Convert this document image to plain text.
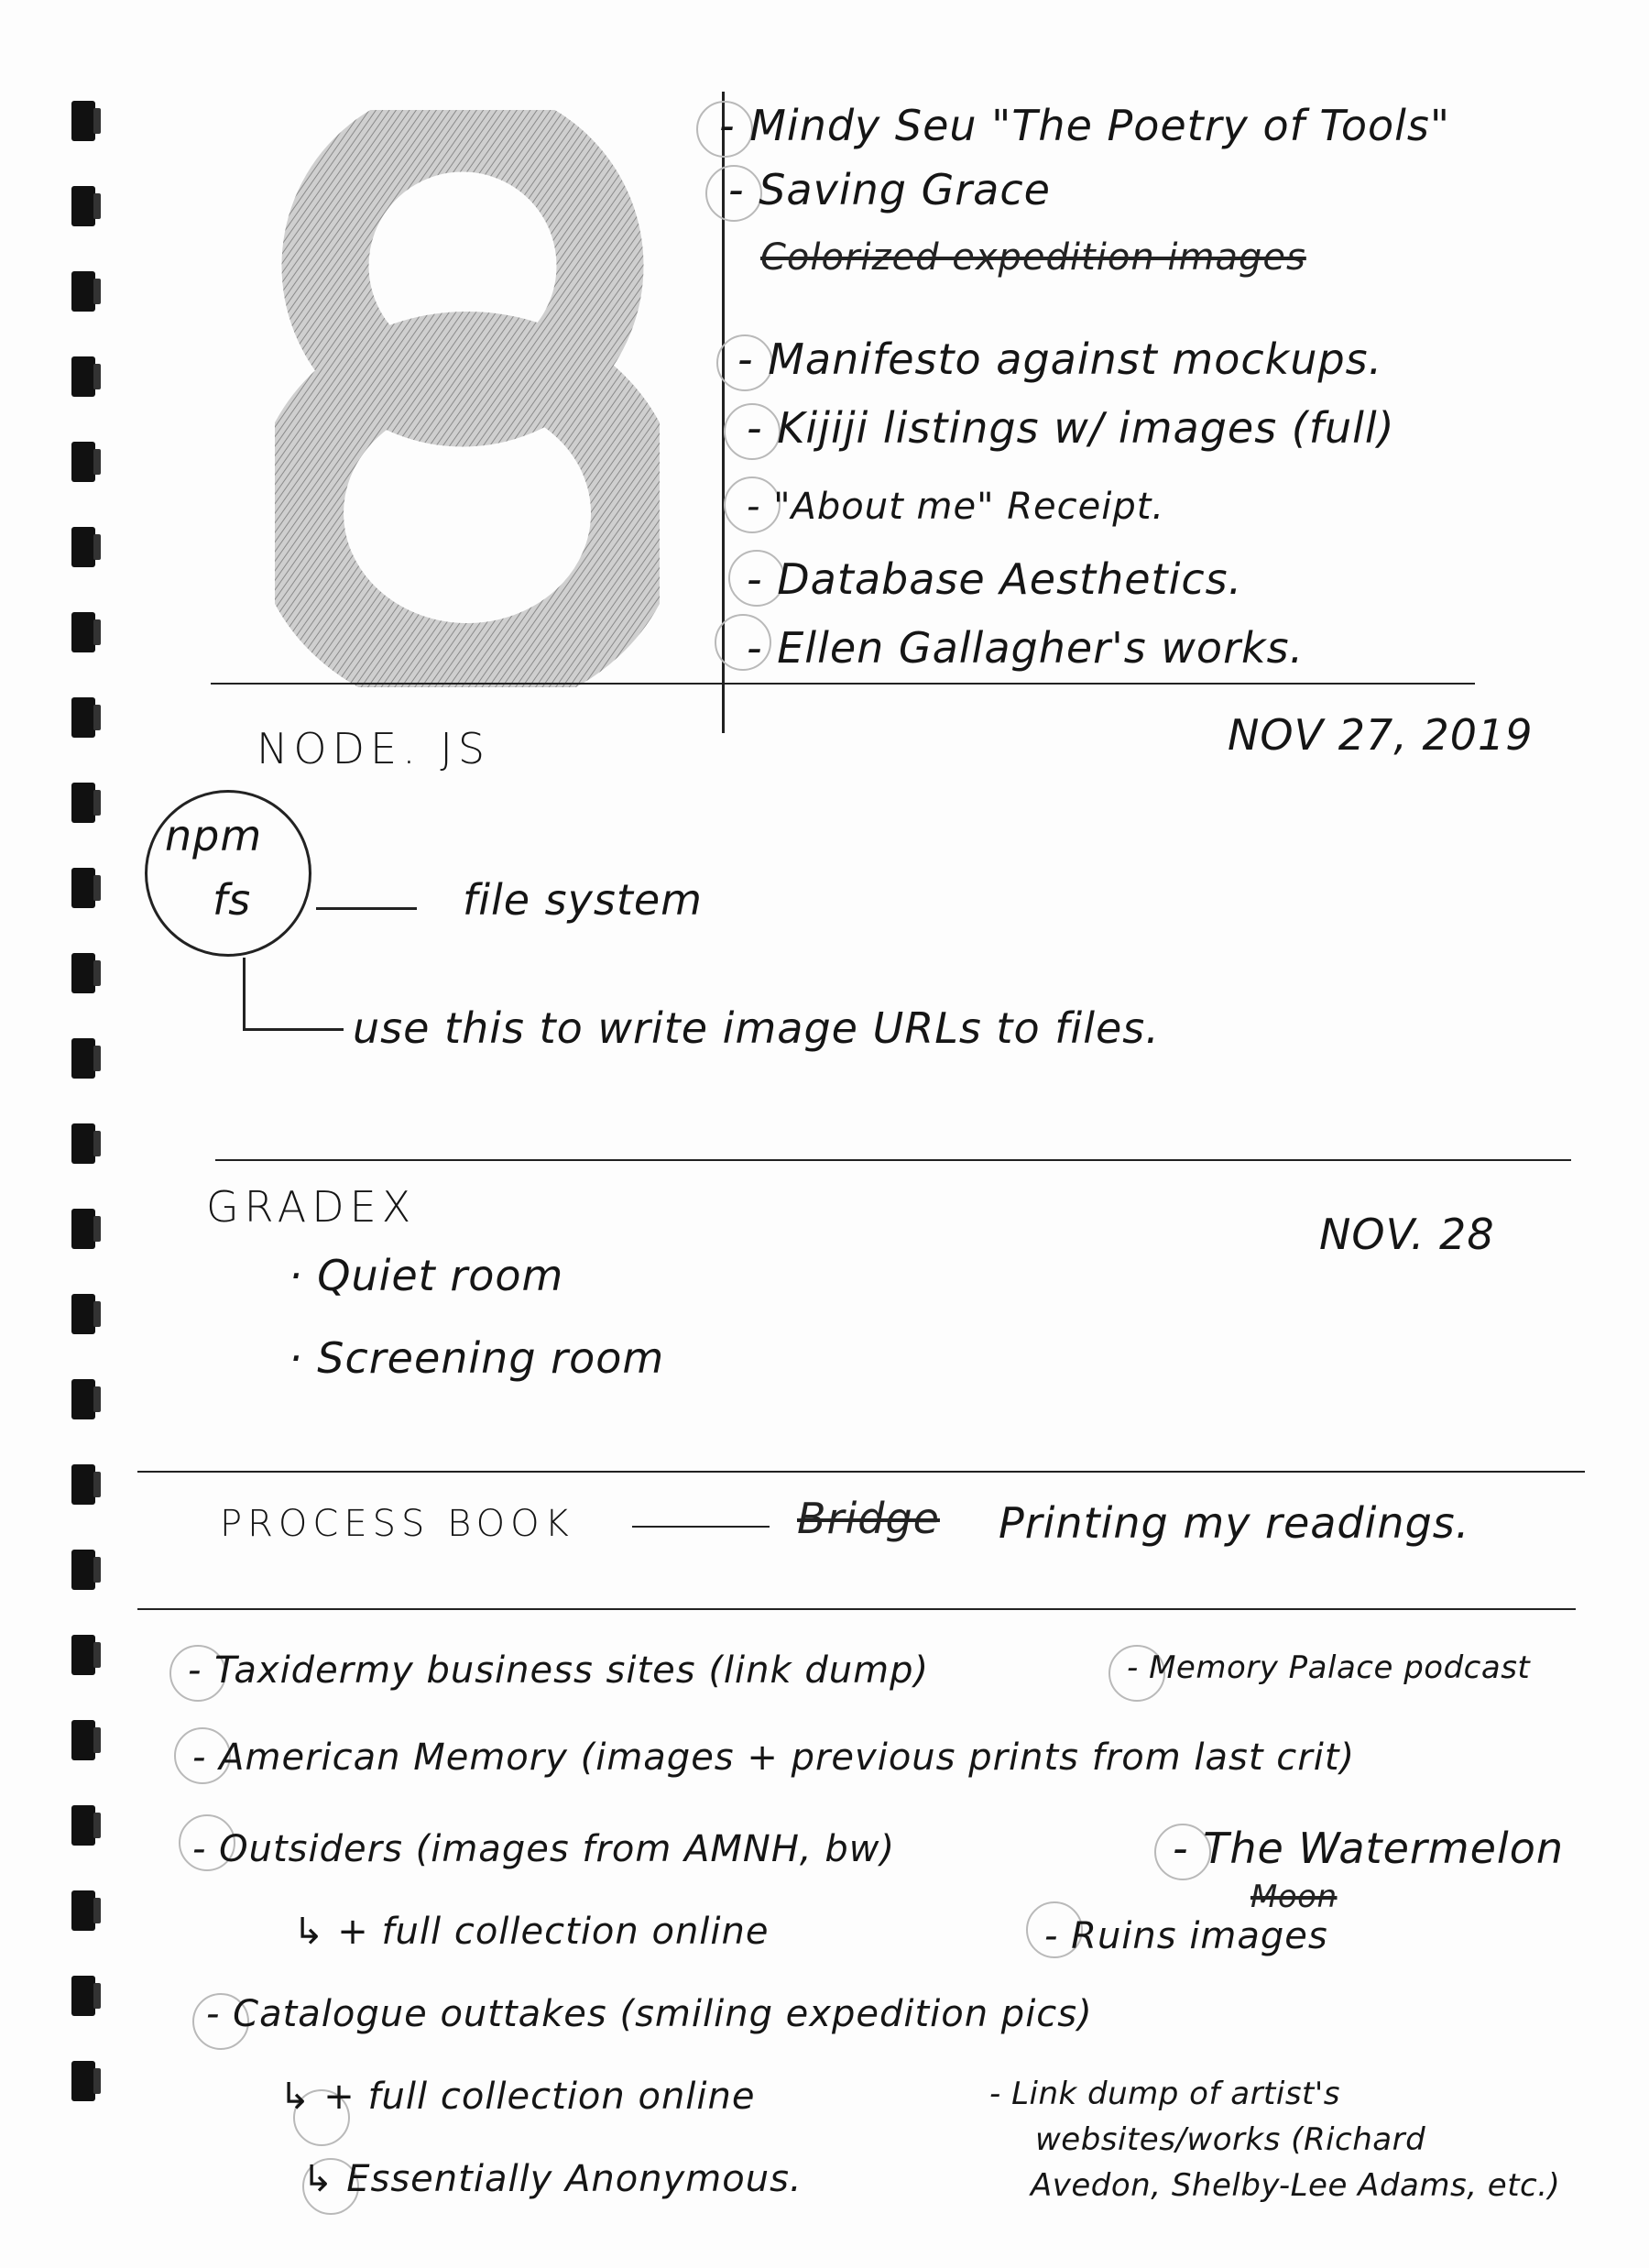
8
- Mindy Seu "The Poetry of Tools"
- Saving Grace
Colorized expedition images
- Manifesto against mockups.
- Kijiji listings w/ images (full)
- "About me" Receipt.
- Database Aesthetics.
- Ellen Gallagher's works.
NODE. JS	NOV 27, 2019
npm
fs	file system
use this to write image URLs to files.
GRADEX
NOV. 28
· Quiet room
· Screening room
PROCESS BOOK	Bridge Printing my readings.
- Taxidermy business sites (link dump)	- Memory Palace podcast
- American Memory (images + previous prints from last crit)
- Outsiders (images from AMNH, bw)	- The Watermelon
↳ + full collection online	- Ruins images
Moon
- Catalogue outtakes (smiling expedition pics)
↳ + full collection online
↳ Essentially Anonymous.
- Link dump of artist's
websites/works (Richard
Avedon, Shelby-Lee Adams, etc.)
